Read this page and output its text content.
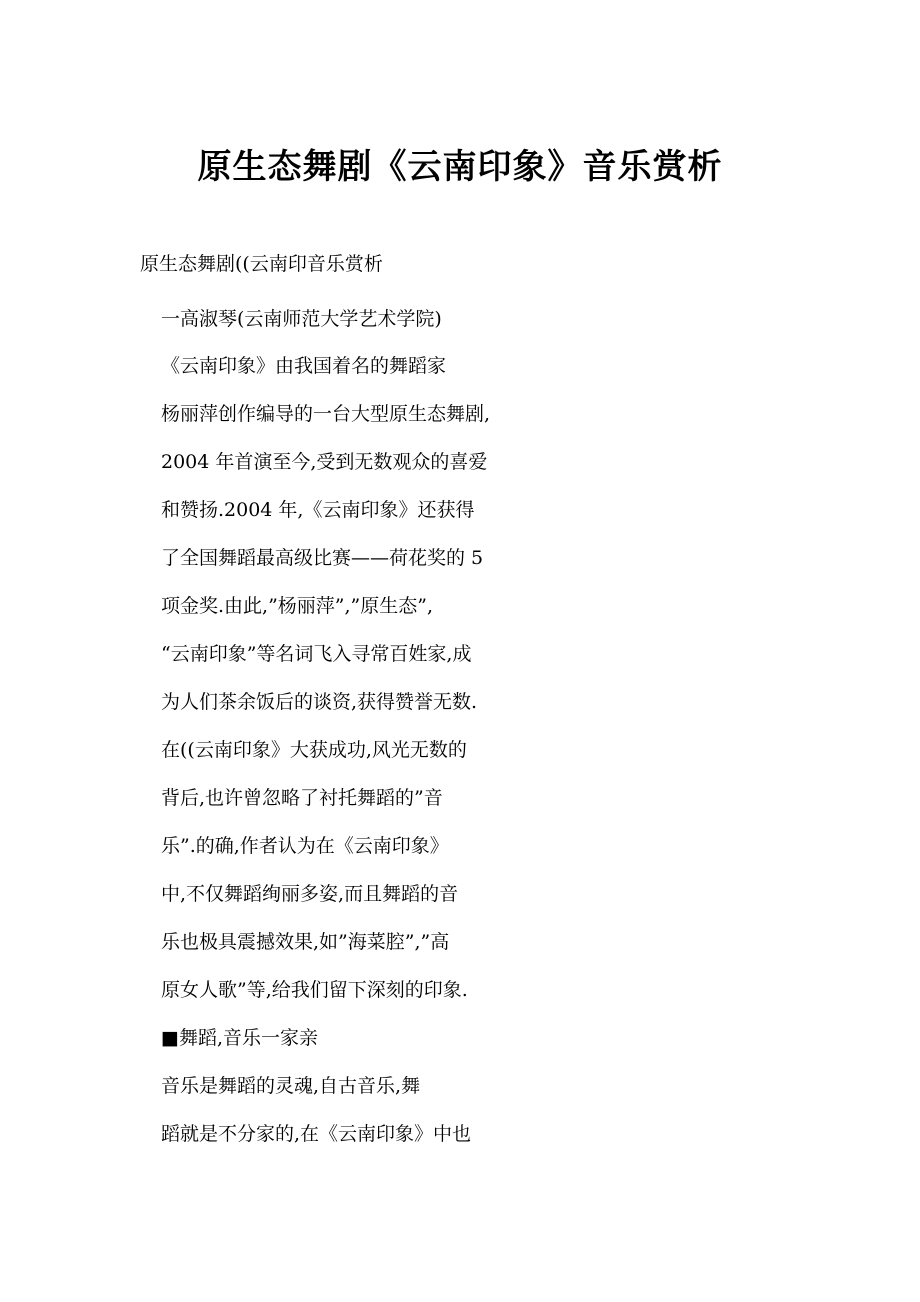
原生态舞剧《云南印象》音乐赏析

原生态舞剧((云南印音乐赏析

一高淑琴(云南师范大学艺术学院)

《云南印象》由我国着名的舞蹈家

杨丽萍创作编导的一台大型原生态舞剧,

2004 年首演至今,受到无数观众的喜爱

和赞扬.2004 年,《云南印象》还获得

了全国舞蹈最高级比赛——荷花奖的 5

项金奖.由此,”杨丽萍”,”原生态”,

“云南印象”等名词飞入寻常百姓家,成

为人们茶余饭后的谈资,获得赞誉无数.

在((云南印象》大获成功,风光无数的

背后,也许曾忽略了衬托舞蹈的”音

乐”.的确,作者认为在《云南印象》

中,不仅舞蹈绚丽多姿,而且舞蹈的音

乐也极具震撼效果,如”海菜腔”,”高

原女人歌”等,给我们留下深刻的印象.

■舞蹈,音乐一家亲

音乐是舞蹈的灵魂,自古音乐,舞

蹈就是不分家的,在《云南印象》中也
